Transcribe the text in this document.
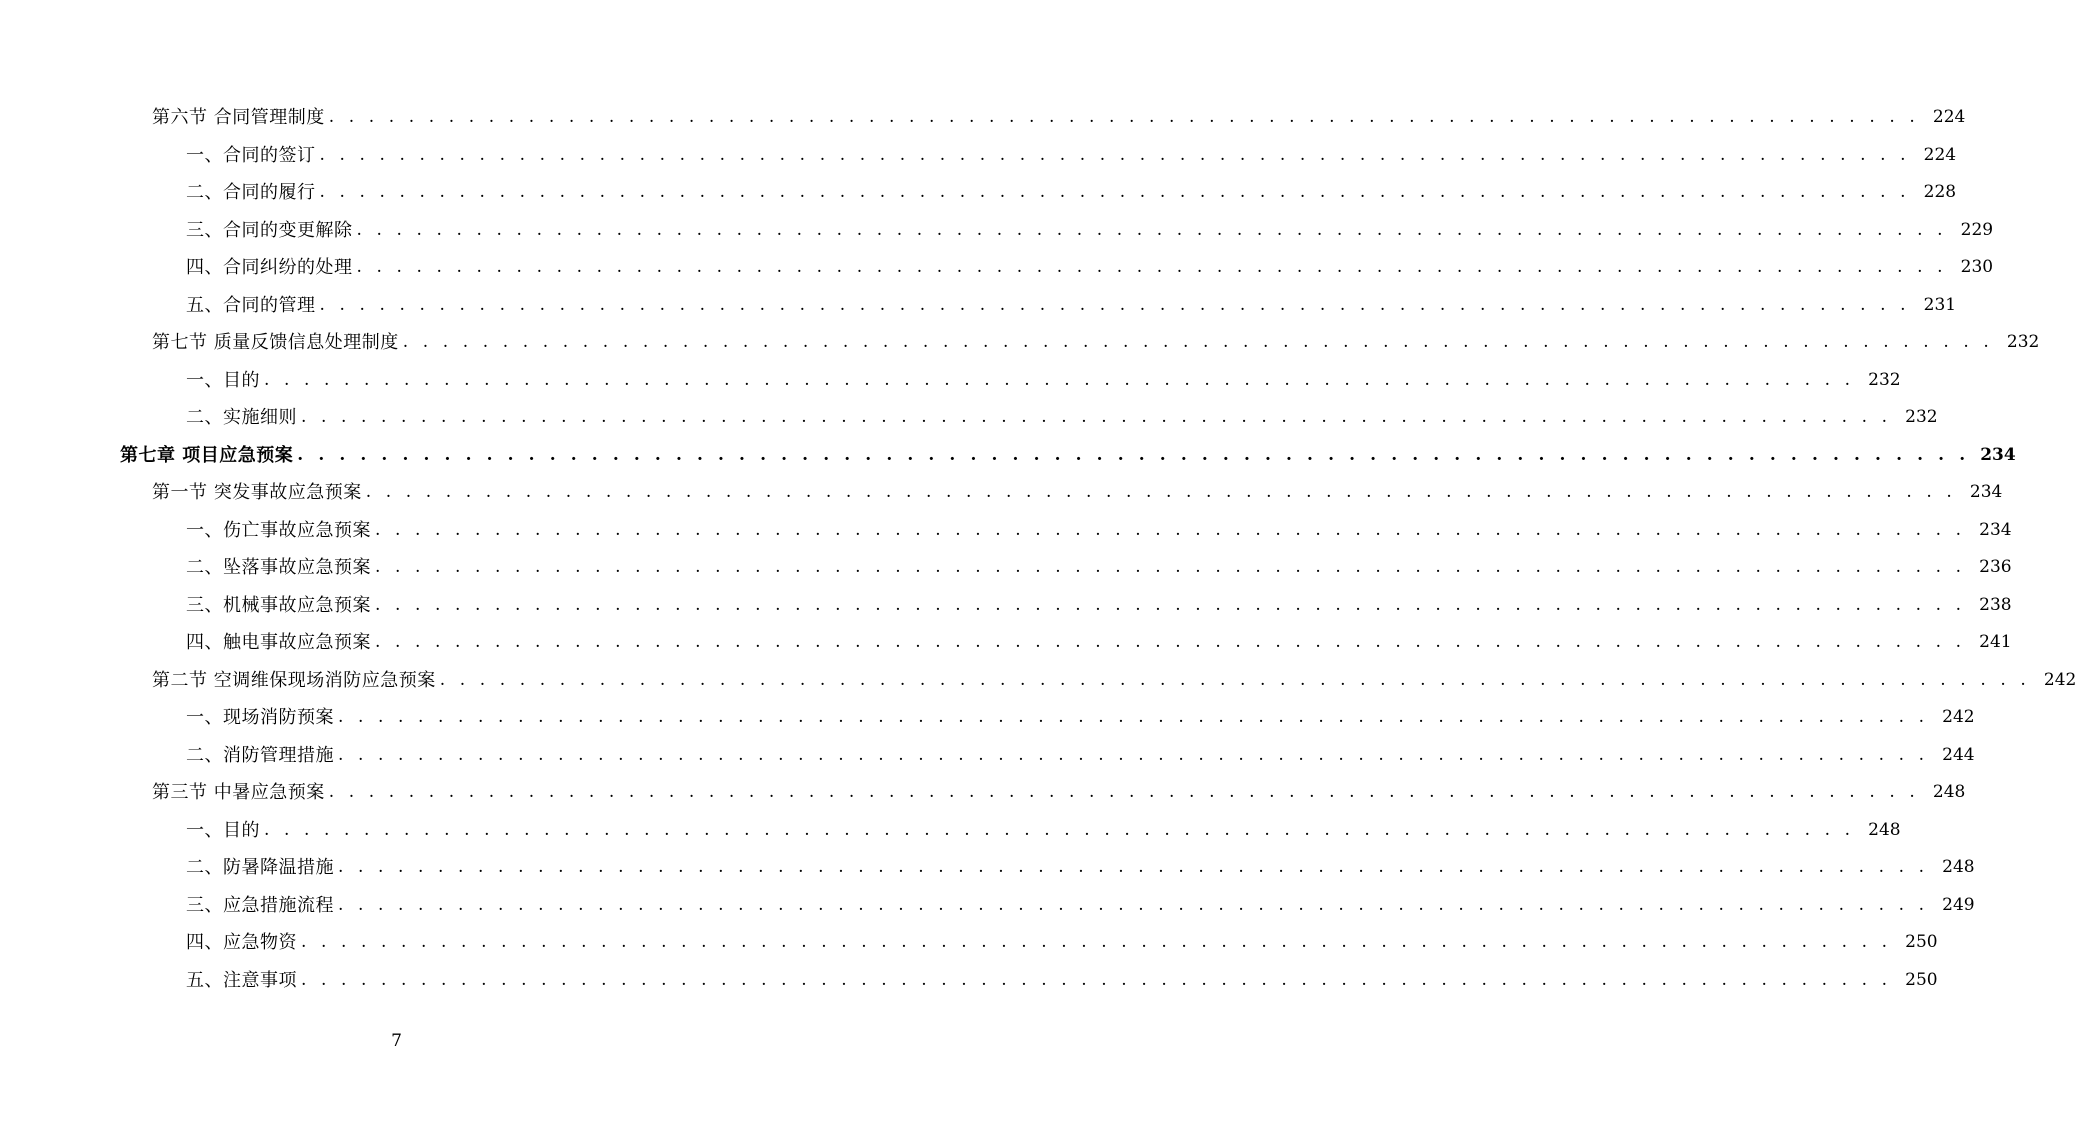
第六节 合同管理制度 . . . . . . . . . . . . . . . . . . . . . . . . . . . . . . . . . . . . . . . . . . . . . . . . . . . . . . . . . . . . . . . . . . . . . . . . . . . . . . . . 224
一、合同的签订 . . . . . . . . . . . . . . . . . . . . . . . . . . . . . . . . . . . . . . . . . . . . . . . . . . . . . . . . . . . . . . . . . . . . . . . . . . . . . . . . 224
二、合同的履行 . . . . . . . . . . . . . . . . . . . . . . . . . . . . . . . . . . . . . . . . . . . . . . . . . . . . . . . . . . . . . . . . . . . . . . . . . . . . . . . . 228
三、合同的变更解除 . . . . . . . . . . . . . . . . . . . . . . . . . . . . . . . . . . . . . . . . . . . . . . . . . . . . . . . . . . . . . . . . . . . . . . . . . . . . . . . . 229
四、合同纠纷的处理 . . . . . . . . . . . . . . . . . . . . . . . . . . . . . . . . . . . . . . . . . . . . . . . . . . . . . . . . . . . . . . . . . . . . . . . . . . . . . . . . 230
五、合同的管理 . . . . . . . . . . . . . . . . . . . . . . . . . . . . . . . . . . . . . . . . . . . . . . . . . . . . . . . . . . . . . . . . . . . . . . . . . . . . . . . . 231
第七节 质量反馈信息处理制度 . . . . . . . . . . . . . . . . . . . . . . . . . . . . . . . . . . . . . . . . . . . . . . . . . . . . . . . . . . . . . . . . . . . . . . . . . . . . . . . . 232
一、目的 . . . . . . . . . . . . . . . . . . . . . . . . . . . . . . . . . . . . . . . . . . . . . . . . . . . . . . . . . . . . . . . . . . . . . . . . . . . . . . . . 232
二、实施细则 . . . . . . . . . . . . . . . . . . . . . . . . . . . . . . . . . . . . . . . . . . . . . . . . . . . . . . . . . . . . . . . . . . . . . . . . . . . . . . . . 232
第七章 项目应急预案 . . . . . . . . . . . . . . . . . . . . . . . . . . . . . . . . . . . . . . . . . . . . . . . . . . . . . . . . . . . . . . . . . . . . . . . . . . . . . . . . 234
第一节 突发事故应急预案 . . . . . . . . . . . . . . . . . . . . . . . . . . . . . . . . . . . . . . . . . . . . . . . . . . . . . . . . . . . . . . . . . . . . . . . . . . . . . . . . 234
一、伤亡事故应急预案 . . . . . . . . . . . . . . . . . . . . . . . . . . . . . . . . . . . . . . . . . . . . . . . . . . . . . . . . . . . . . . . . . . . . . . . . . . . . . . . . 234
二、坠落事故应急预案 . . . . . . . . . . . . . . . . . . . . . . . . . . . . . . . . . . . . . . . . . . . . . . . . . . . . . . . . . . . . . . . . . . . . . . . . . . . . . . . . 236
三、机械事故应急预案 . . . . . . . . . . . . . . . . . . . . . . . . . . . . . . . . . . . . . . . . . . . . . . . . . . . . . . . . . . . . . . . . . . . . . . . . . . . . . . . . 238
四、触电事故应急预案 . . . . . . . . . . . . . . . . . . . . . . . . . . . . . . . . . . . . . . . . . . . . . . . . . . . . . . . . . . . . . . . . . . . . . . . . . . . . . . . . 241
第二节 空调维保现场消防应急预案 . . . . . . . . . . . . . . . . . . . . . . . . . . . . . . . . . . . . . . . . . . . . . . . . . . . . . . . . . . . . . . . . . . . . . . . . . . . . . . . . 242
一、现场消防预案 . . . . . . . . . . . . . . . . . . . . . . . . . . . . . . . . . . . . . . . . . . . . . . . . . . . . . . . . . . . . . . . . . . . . . . . . . . . . . . . . 242
二、消防管理措施 . . . . . . . . . . . . . . . . . . . . . . . . . . . . . . . . . . . . . . . . . . . . . . . . . . . . . . . . . . . . . . . . . . . . . . . . . . . . . . . . 244
第三节 中暑应急预案 . . . . . . . . . . . . . . . . . . . . . . . . . . . . . . . . . . . . . . . . . . . . . . . . . . . . . . . . . . . . . . . . . . . . . . . . . . . . . . . . 248
一、目的 . . . . . . . . . . . . . . . . . . . . . . . . . . . . . . . . . . . . . . . . . . . . . . . . . . . . . . . . . . . . . . . . . . . . . . . . . . . . . . . . 248
二、防暑降温措施 . . . . . . . . . . . . . . . . . . . . . . . . . . . . . . . . . . . . . . . . . . . . . . . . . . . . . . . . . . . . . . . . . . . . . . . . . . . . . . . . 248
三、应急措施流程 . . . . . . . . . . . . . . . . . . . . . . . . . . . . . . . . . . . . . . . . . . . . . . . . . . . . . . . . . . . . . . . . . . . . . . . . . . . . . . . . 249
四、应急物资 . . . . . . . . . . . . . . . . . . . . . . . . . . . . . . . . . . . . . . . . . . . . . . . . . . . . . . . . . . . . . . . . . . . . . . . . . . . . . . . . 250
五、注意事项 . . . . . . . . . . . . . . . . . . . . . . . . . . . . . . . . . . . . . . . . . . . . . . . . . . . . . . . . . . . . . . . . . . . . . . . . . . . . . . . . 250
7
